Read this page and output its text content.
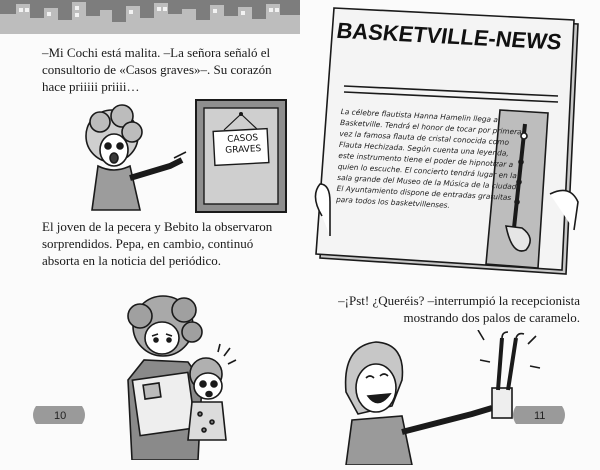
–Mi Cochi está malita. –La señora señaló el consultorio de «Casos graves»–. Su corazón hace priiiii priiii…

CASOS GRAVES

El joven de la pecera y Bebito la observaron sorprendidos. Pepa, en cambio, continuó absorta en la noticia del periódico.

10
BASKETVILLE-NEWS
La célebre flautista Hanna Hamelin llega a Basketville. Tendrá el honor de tocar por primera vez la famosa flauta de cristal conocida como Flauta Hechizada. Según cuenta una leyenda, este instrumento tiene el poder de hipnotizar a quien lo escuche. El concierto tendrá lugar en la sala grande del Museo de la Música de la ciudad. El Ayuntamiento dispone de entradas gratuitas para todos los basketvillenses.

–¡Pst! ¿Queréis? –interrumpió la recepcionista mostrando dos palos de caramelo.

11
